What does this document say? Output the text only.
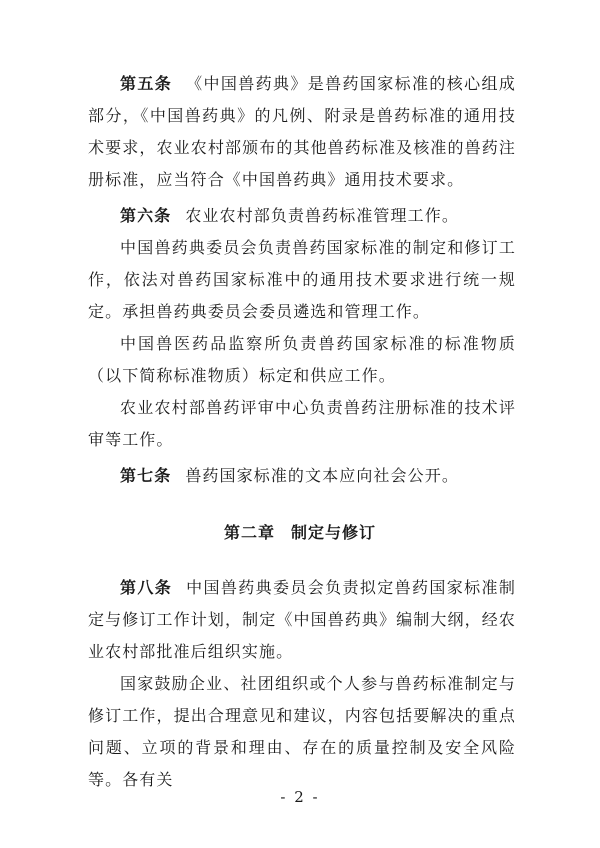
第五条 《中国兽药典》是兽药国家标准的核心组成部分，《中国兽药典》的凡例、附录是兽药标准的通用技术要求，农业农村部颁布的其他兽药标准及核准的兽药注册标准，应当符合《中国兽药典》通用技术要求。

第六条 农业农村部负责兽药标准管理工作。

中国兽药典委员会负责兽药国家标准的制定和修订工作，依法对兽药国家标准中的通用技术要求进行统一规定。承担兽药典委员会委员遴选和管理工作。

中国兽医药品监察所负责兽药国家标准的标准物质（以下简称标准物质）标定和供应工作。

农业农村部兽药评审中心负责兽药注册标准的技术评审等工作。

第七条 兽药国家标准的文本应向社会公开。

第二章 制定与修订

第八条 中国兽药典委员会负责拟定兽药国家标准制定与修订工作计划，制定《中国兽药典》编制大纲，经农业农村部批准后组织实施。

国家鼓励企业、社团组织或个人参与兽药标准制定与修订工作，提出合理意见和建议，内容包括要解决的重点问题、立项的背景和理由、存在的质量控制及安全风险等。各有关

- 2 -
